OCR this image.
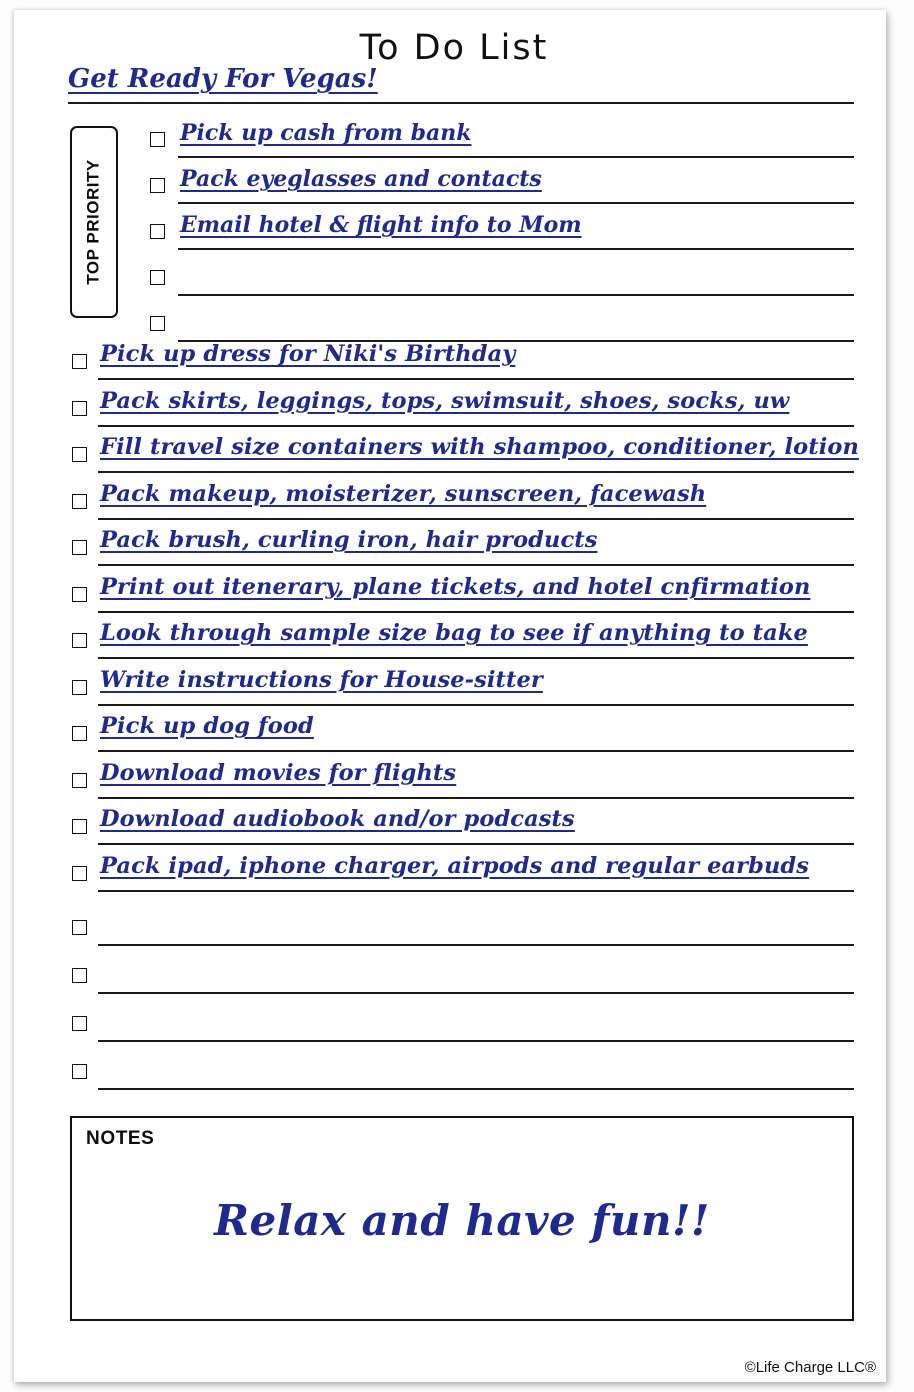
To Do List
Get Ready For Vegas!
TOP PRIORITY
Pick up cash from bank
Pack eyeglasses and contacts
Email hotel & flight info to Mom
Pick up dress for Niki's Birthday
Pack skirts, leggings, tops, swimsuit, shoes, socks, uw
Fill travel size containers with shampoo, conditioner, lotion
Pack makeup, moisterizer, sunscreen, facewash
Pack brush, curling iron, hair products
Print out itenerary, plane tickets, and hotel cnfirmation
Look through sample size bag to see if anything to take
Write instructions for House-sitter
Pick up dog food
Download movies for flights
Download audiobook and/or podcasts
Pack ipad, iphone charger, airpods and regular earbuds
NOTES
Relax and have fun!!
©Life Charge LLC®
